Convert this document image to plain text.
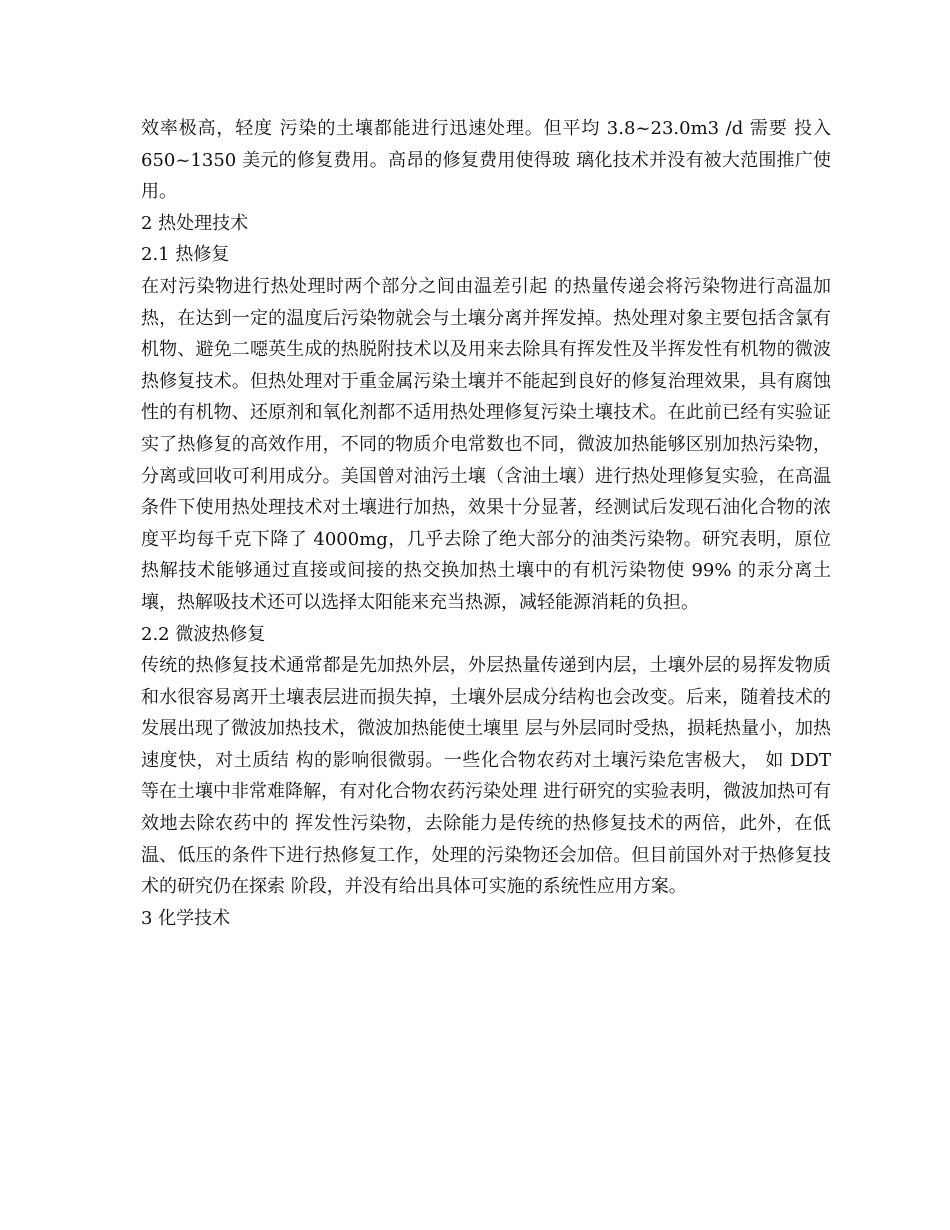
效率极高，轻度 污染的土壤都能进行迅速处理。但平均 3.8~23.0m3 /d 需要 投入 650~1350 美元的修复费用。高昂的修复费用使得玻 璃化技术并没有被大范围推广使用。

2 热处理技术
2.1 热修复

在对污染物进行热处理时两个部分之间由温差引起 的热量传递会将污染物进行高温加热，在达到一定的温度后污染物就会与土壤分离并挥发掉。热处理对象主要包括含氯有机物、避免二噁英生成的热脱附技术以及用来去除具有挥发性及半挥发性有机物的微波热修复技术。但热处理对于重金属污染土壤并不能起到良好的修复治理效果，具有腐蚀性的有机物、还原剂和氧化剂都不适用热处理修复污染土壤技术。在此前已经有实验证实了热修复的高效作用，不同的物质介电常数也不同，微波加热能够区别加热污染物，分离或回收可利用成分。美国曾对油污土壤（含油土壤）进行热处理修复实验，在高温条件下使用热处理技术对土壤进行加热，效果十分显著，经测试后发现石油化合物的浓度平均每千克下降了 4000mg，几乎去除了绝大部分的油类污染物。研究表明，原位热解技术能够通过直接或间接的热交换加热土壤中的有机污染物使 99% 的汞分离土壤，热解吸技术还可以选择太阳能来充当热源，减轻能源消耗的负担。

2.2 微波热修复

传统的热修复技术通常都是先加热外层，外层热量传递到内层，土壤外层的易挥发物质和水很容易离开土壤表层进而损失掉，土壤外层成分结构也会改变。后来，随着技术的发展出现了微波加热技术，微波加热能使土壤里 层与外层同时受热，损耗热量小，加热速度快，对土质结 构的影响很微弱。一些化合物农药对土壤污染危害极大， 如 DDT 等在土壤中非常难降解，有对化合物农药污染处理 进行研究的实验表明，微波加热可有效地去除农药中的 挥发性污染物，去除能力是传统的热修复技术的两倍，此外，在低温、低压的条件下进行热修复工作，处理的污染物还会加倍。但目前国外对于热修复技术的研究仍在探索 阶段，并没有给出具体可实施的系统性应用方案。

3 化学技术
